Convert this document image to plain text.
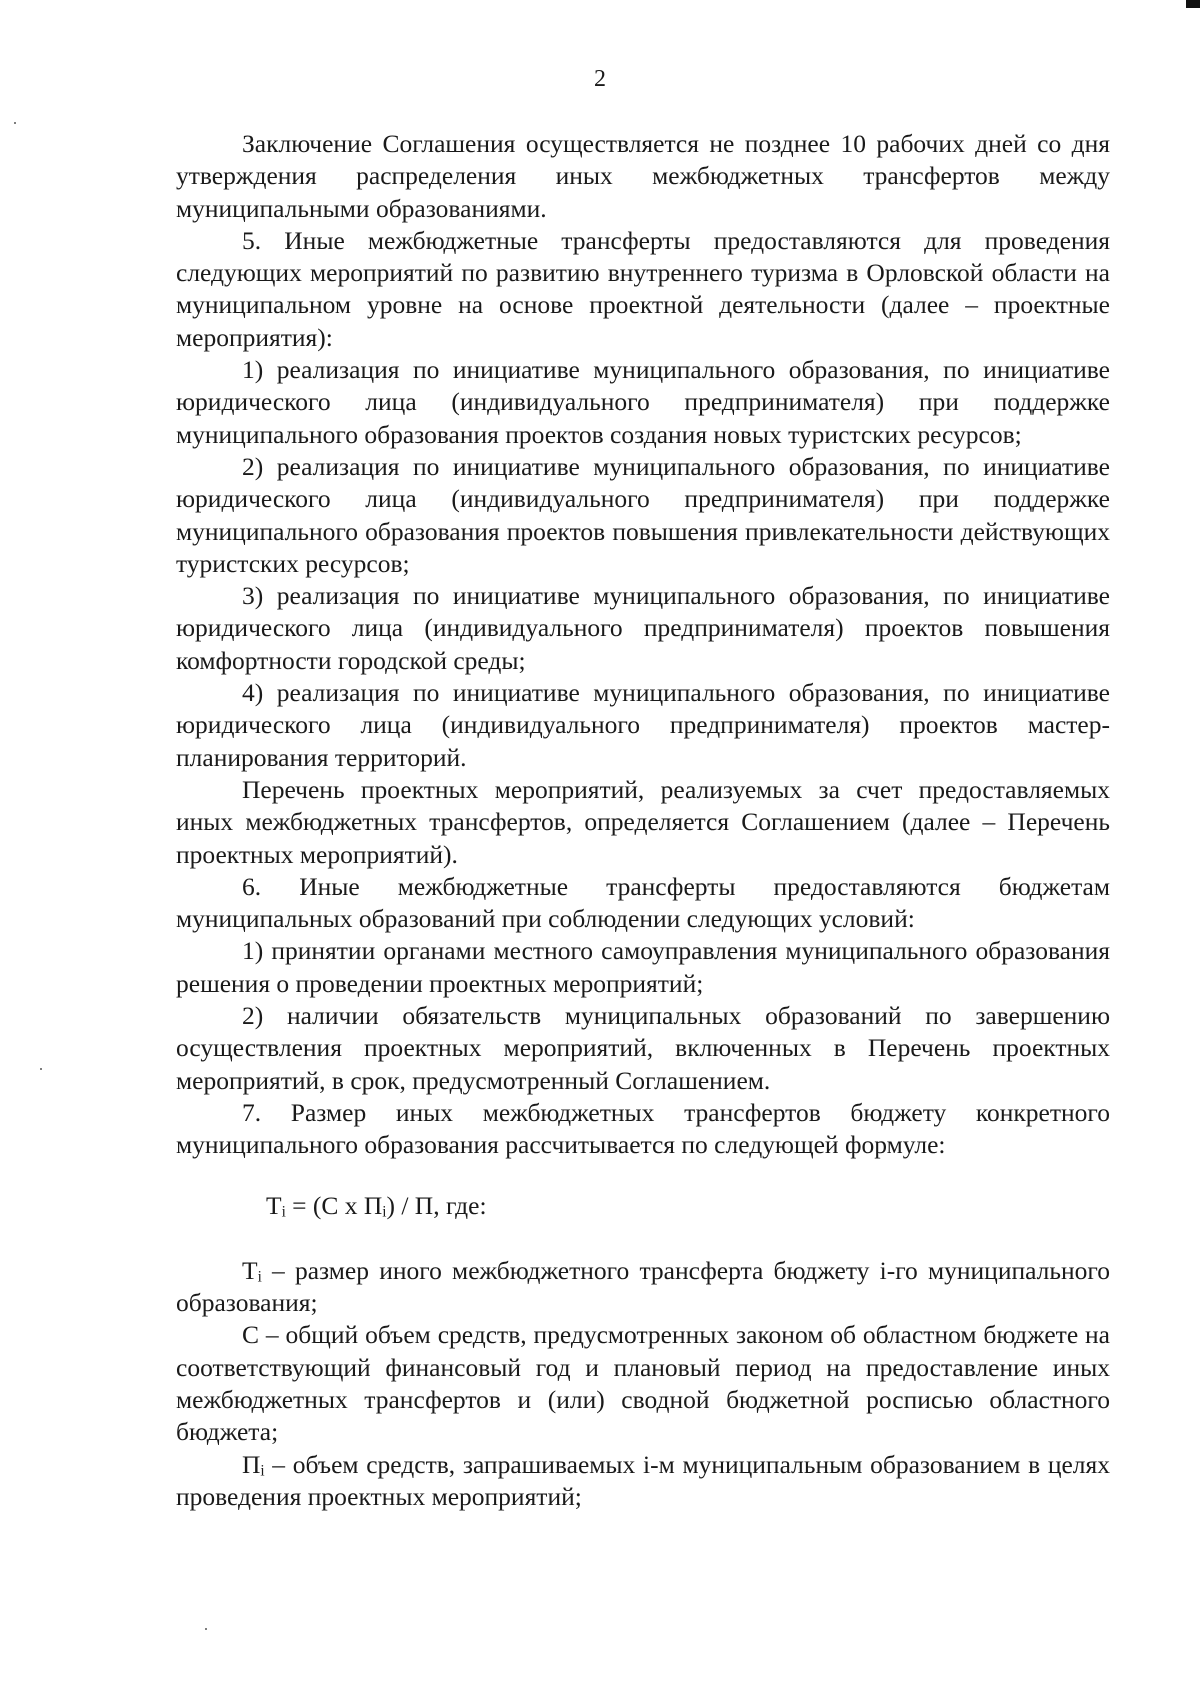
2

Заключение Соглашения осуществляется не позднее 10 рабочих дней со дня утверждения распределения иных межбюджетных трансфертов между муниципальными образованиями.

5. Иные межбюджетные трансферты предоставляются для проведения следующих мероприятий по развитию внутреннего туризма в Орловской области на муниципальном уровне на основе проектной деятельности (далее – проектные мероприятия):

1) реализация по инициативе муниципального образования, по инициативе юридического лица (индивидуального предпринимателя) при поддержке муниципального образования проектов создания новых туристских ресурсов;

2) реализация по инициативе муниципального образования, по инициативе юридического лица (индивидуального предпринимателя) при поддержке муниципального образования проектов повышения привлекательности действующих туристских ресурсов;

3) реализация по инициативе муниципального образования, по инициативе юридического лица (индивидуального предпринимателя) проектов повышения комфортности городской среды;

4) реализация по инициативе муниципального образования, по инициативе юридического лица (индивидуального предпринимателя) проектов мастер-планирования территорий.

Перечень проектных мероприятий, реализуемых за счет предоставляемых иных межбюджетных трансфертов, определяется Соглашением (далее – Перечень проектных мероприятий).

6. Иные межбюджетные трансферты предоставляются бюджетам муниципальных образований при соблюдении следующих условий:

1) принятии органами местного самоуправления муниципального образования решения о проведении проектных мероприятий;

2) наличии обязательств муниципальных образований по завершению осуществления проектных мероприятий, включенных в Перечень проектных мероприятий, в срок, предусмотренный Соглашением.

7. Размер иных межбюджетных трансфертов бюджету конкретного муниципального образования рассчитывается по следующей формуле:

Тᵢ = (С х Пᵢ) / П, где:

Тᵢ – размер иного межбюджетного трансферта бюджету i-го муниципального образования;

С – общий объем средств, предусмотренных законом об областном бюджете на соответствующий финансовый год и плановый период на предоставление иных межбюджетных трансфертов и (или) сводной бюджетной росписью областного бюджета;

Пᵢ – объем средств, запрашиваемых i-м муниципальным образованием в целях проведения проектных мероприятий;
